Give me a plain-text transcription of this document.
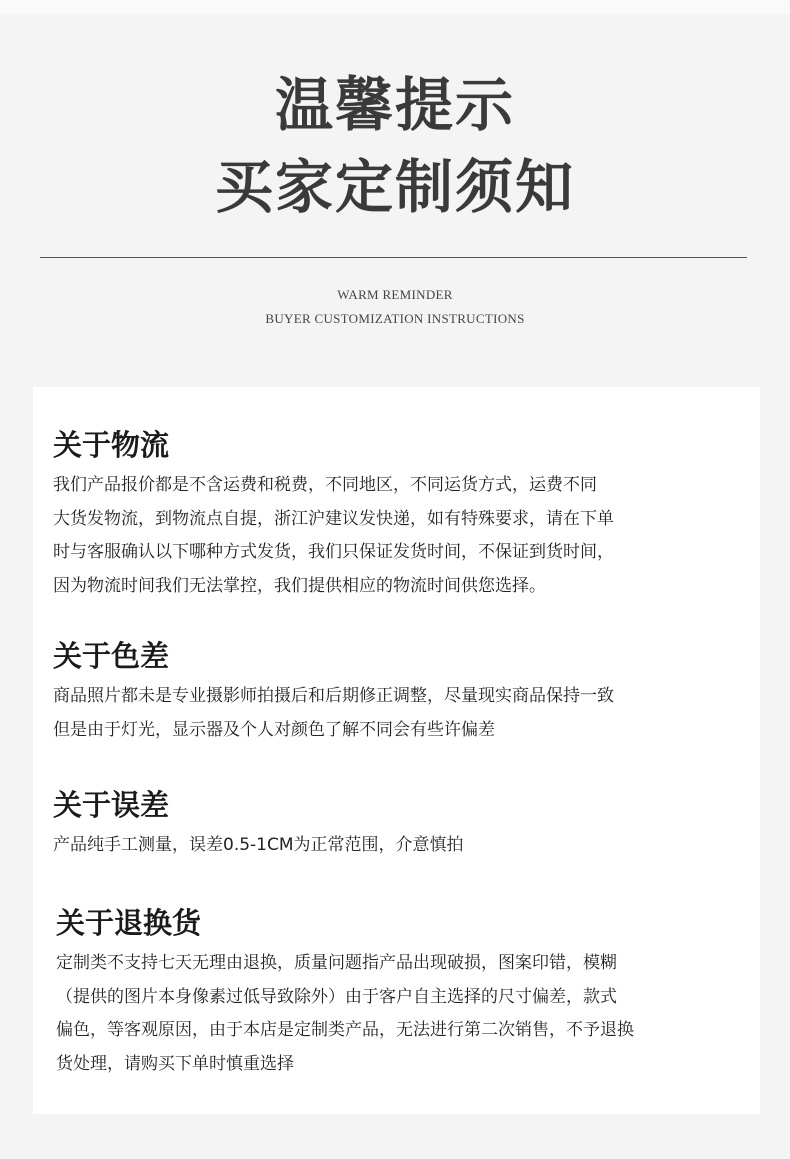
温馨提示
买家定制须知
WARM REMINDER
BUYER CUSTOMIZATION INSTRUCTIONS
关于物流
我们产品报价都是不含运费和税费，不同地区，不同运货方式，运费不同
大货发物流，到物流点自提，浙江沪建议发快递，如有特殊要求，请在下单
时与客服确认以下哪种方式发货，我们只保证发货时间，不保证到货时间，
因为物流时间我们无法掌控，我们提供相应的物流时间供您选择。
关于色差
商品照片都未是专业摄影师拍摄后和后期修正调整，尽量现实商品保持一致
但是由于灯光，显示器及个人对颜色了解不同会有些许偏差
关于误差
产品纯手工测量，误差0.5-1CM为正常范围，介意慎拍
关于退换货
定制类不支持七天无理由退换，质量问题指产品出现破损，图案印错，模糊
（提供的图片本身像素过低导致除外）由于客户自主选择的尺寸偏差，款式
偏色，等客观原因，由于本店是定制类产品，无法进行第二次销售，不予退换
货处理，请购买下单时慎重选择
